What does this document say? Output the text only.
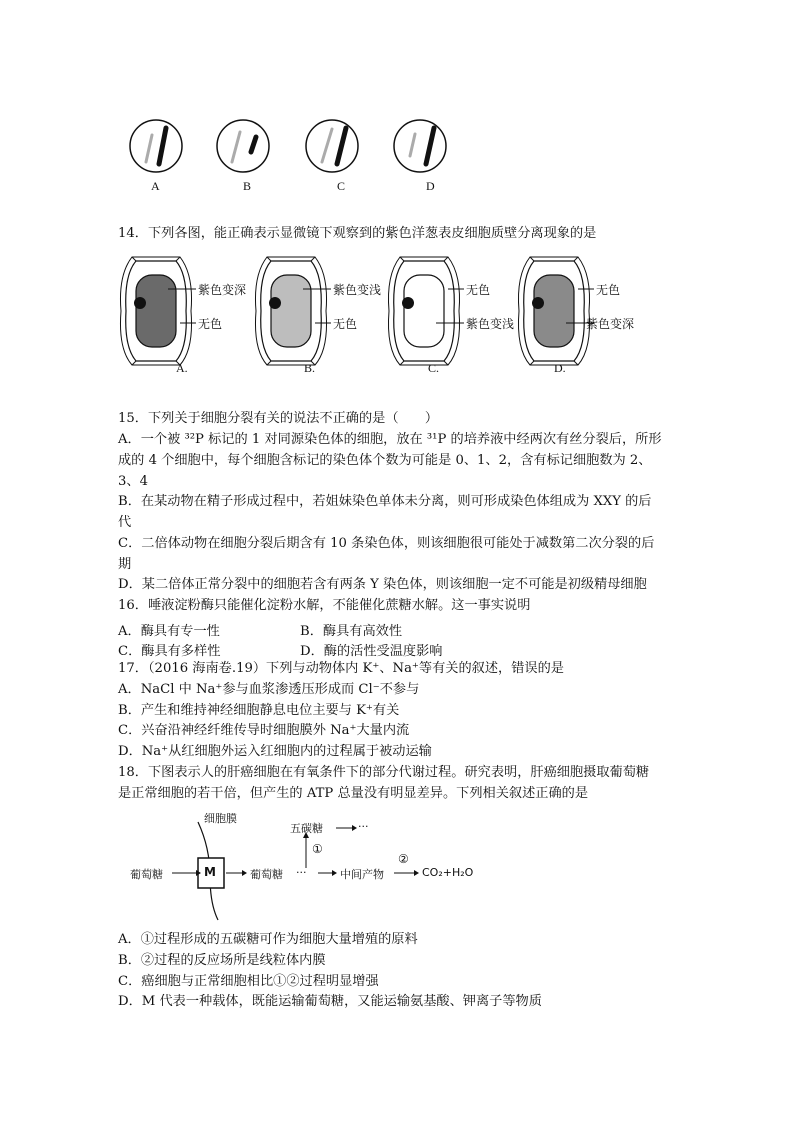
A	B	C	D
14．下列各图，能正确表示显微镜下观察到的紫色洋葱表皮细胞质壁分离现象的是
紫色变深
无色
紫色变浅
无色
无色
紫色变浅
无色
紫色变深
A.	B.	C.	D.
15．下列关于细胞分裂有关的说法不正确的是（　　）
A．一个被 ³²P 标记的 1 对同源染色体的细胞，放在 ³¹P 的培养液中经两次有丝分裂后，所形
成的 4 个细胞中，每个细胞含标记的染色体个数为可能是 0、1、2，含有标记细胞数为 2、
3、4
B．在某动物在精子形成过程中，若姐妹染色单体未分离，则可形成染色体组成为 XXY 的后
代
C．二倍体动物在细胞分裂后期含有 10 条染色体，则该细胞很可能处于减数第二次分裂的后
期
D．某二倍体正常分裂中的细胞若含有两条 Y 染色体，则该细胞一定不可能是初级精母细胞
16．唾液淀粉酶只能催化淀粉水解，不能催化蔗糖水解。这一事实说明
A．酶具有专一性	B．酶具有高效性
C．酶具有多样性	D．酶的活性受温度影响
17．（2016 海南卷.19）下列与动物体内 K⁺、Na⁺等有关的叙述，错误的是
A．NaCl 中 Na⁺参与血浆渗透压形成而 Cl⁻不参与
B．产生和维持神经细胞静息电位主要与 K⁺有关
C．兴奋沿神经纤维传导时细胞膜外 Na⁺大量内流
D．Na⁺从红细胞外运入红细胞内的过程属于被动运输
18．下图表示人的肝癌细胞在有氧条件下的部分代谢过程。研究表明，肝癌细胞摄取葡萄糖
是正常细胞的若干倍，但产生的 ATP 总量没有明显差异。下列相关叙述正确的是
细胞膜
五碳糖	···
葡萄糖	M	葡萄糖 ···	中间产物
①
②
CO₂+H₂O
A．①过程形成的五碳糖可作为细胞大量增殖的原料
B．②过程的反应场所是线粒体内膜
C．癌细胞与正常细胞相比①②过程明显增强
D．M 代表一种载体，既能运输葡萄糖，又能运输氨基酸、钾离子等物质
